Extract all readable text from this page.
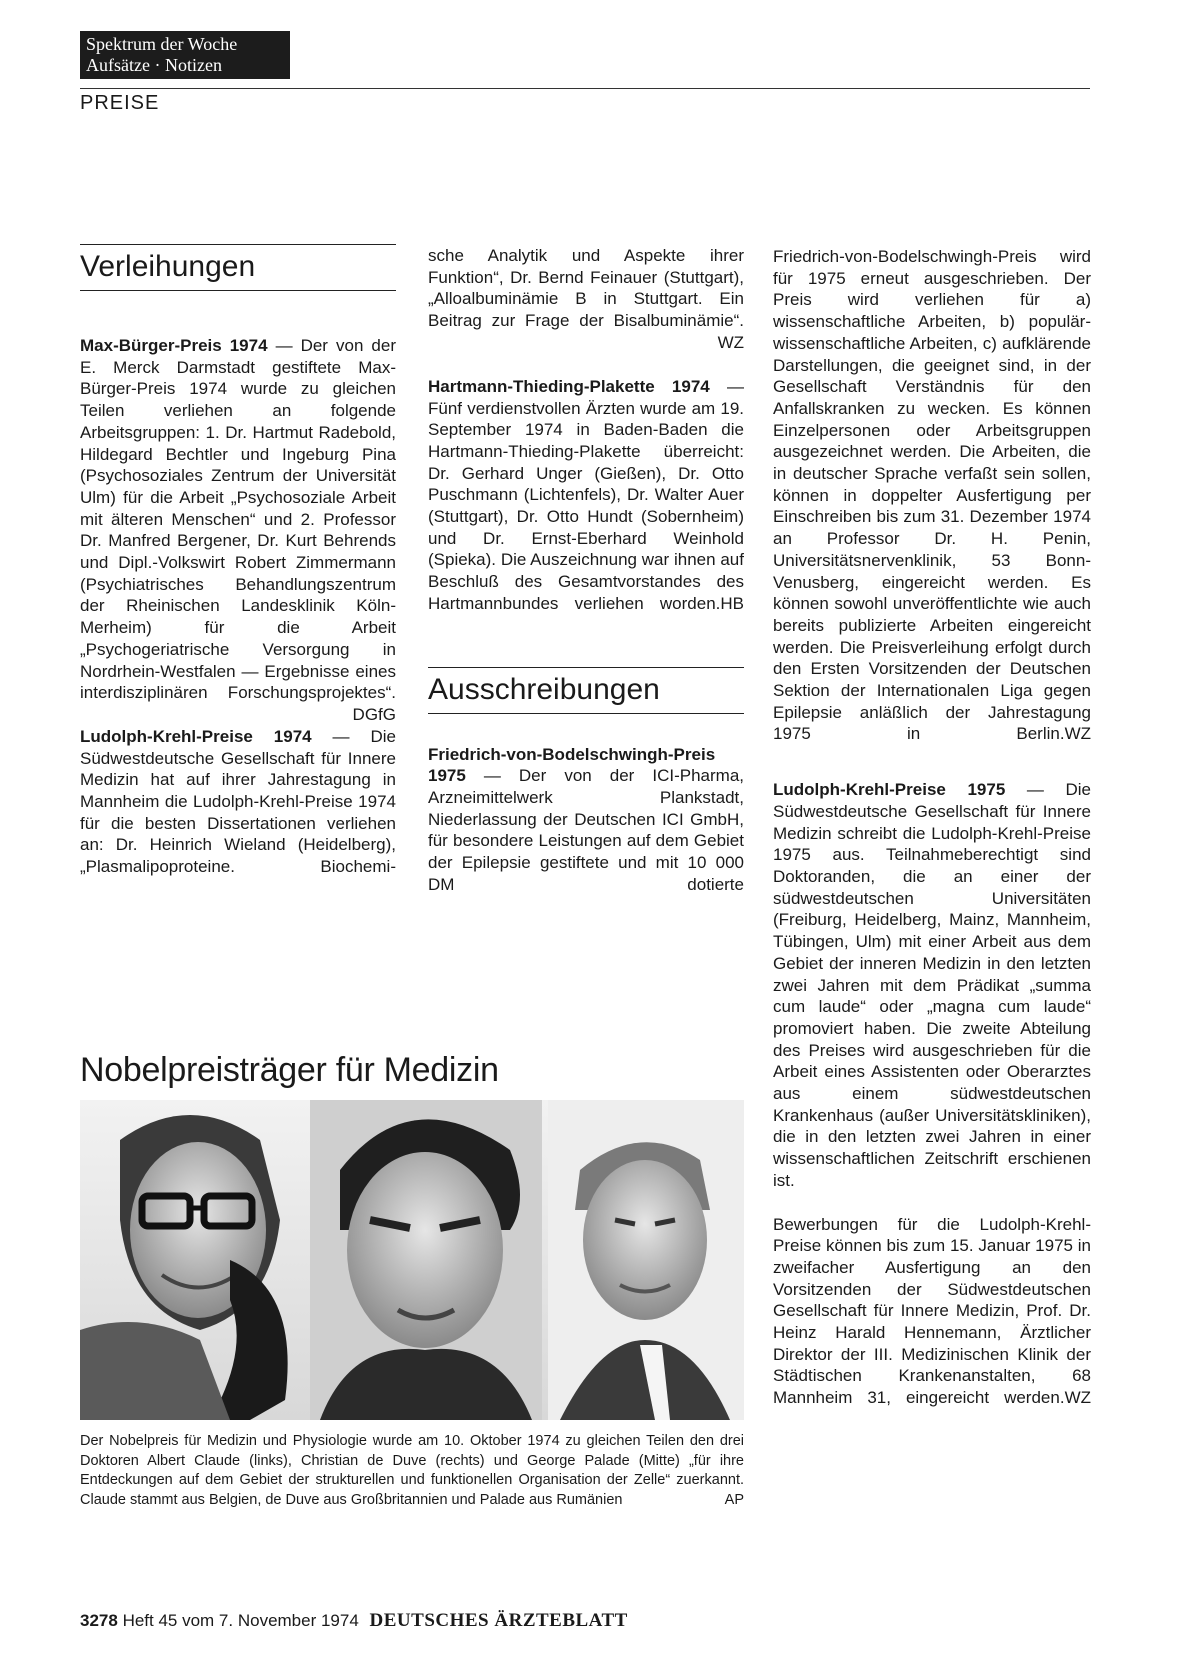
Spektrum der Woche
Aufsätze · Notizen
PREISE
Verleihungen

Max-Bürger-Preis 1974 — Der von der E. Merck Darmstadt gestiftete Max-Bürger-Preis 1974 wurde zu gleichen Teilen verliehen an folgende Arbeitsgruppen: 1. Dr. Hartmut Radebold, Hildegard Bechtler und Ingeburg Pina (Psychosoziales Zentrum der Universität Ulm) für die Arbeit „Psychosoziale Arbeit mit älteren Menschen“ und 2. Professor Dr. Manfred Bergener, Dr. Kurt Behrends und Dipl.-Volkswirt Robert Zimmermann (Psychiatrisches Behandlungszentrum der Rheinischen Landesklinik Köln-Merheim) für die Arbeit „Psychogeriatrische Versorgung in Nordrhein-Westfalen — Ergebnisse eines interdisziplinären Forschungsprojektes“.
DGfG

Ludolph-Krehl-Preise 1974 — Die Südwestdeutsche Gesellschaft für Innere Medizin hat auf ihrer Jahrestagung in Mannheim die Ludolph-Krehl-Preise 1974 für die besten Dissertationen verliehen an: Dr. Heinrich Wieland (Heidelberg), „Plasmalipoproteine. Biochemi-

sche Analytik und Aspekte ihrer Funktion“, Dr. Bernd Feinauer (Stuttgart), „Alloalbuminämie B in Stuttgart. Ein Beitrag zur Frage der Bisalbuminämie“.
WZ

Hartmann-Thieding-Plakette 1974 — Fünf verdienstvollen Ärzten wurde am 19. September 1974 in Baden-Baden die Hartmann-Thieding-Plakette überreicht: Dr. Gerhard Unger (Gießen), Dr. Otto Puschmann (Lichtenfels), Dr. Walter Auer (Stuttgart), Dr. Otto Hundt (Sobernheim) und Dr. Ernst-Eberhard Weinhold (Spieka). Die Auszeichnung war ihnen auf Beschluß des Gesamtvorstandes des Hartmannbundes verliehen worden. HB

Ausschreibungen

Friedrich-von-Bodelschwingh-Preis 1975 — Der von der ICI-Pharma, Arzneimittelwerk Plankstadt, Niederlassung der Deutschen ICI GmbH, für besondere Leistungen auf dem Gebiet der Epilepsie gestiftete und mit 10 000 DM dotierte

Friedrich-von-Bodelschwingh-Preis wird für 1975 erneut ausgeschrieben. Der Preis wird verliehen für a) wissenschaftliche Arbeiten, b) populär-wissenschaftliche Arbeiten, c) aufklärende Darstellungen, die geeignet sind, in der Gesellschaft Verständnis für den Anfallskranken zu wecken. Es können Einzelpersonen oder Arbeitsgruppen ausgezeichnet werden. Die Arbeiten, die in deutscher Sprache verfaßt sein sollen, können in doppelter Ausfertigung per Einschreiben bis zum 31. Dezember 1974 an Professor Dr. H. Penin, Universitätsnervenklinik, 53 Bonn-Venusberg, eingereicht werden. Es können sowohl unveröffentlichte wie auch bereits publizierte Arbeiten eingereicht werden. Die Preisverleihung erfolgt durch den Ersten Vorsitzenden der Deutschen Sektion der Internationalen Liga gegen Epilepsie anläßlich der Jahrestagung 1975 in Berlin. WZ

Ludolph-Krehl-Preise 1975 — Die Südwestdeutsche Gesellschaft für Innere Medizin schreibt die Ludolph-Krehl-Preise 1975 aus. Teilnahmeberechtigt sind Doktoranden, die an einer der südwestdeutschen Universitäten (Freiburg, Heidelberg, Mainz, Mannheim, Tübingen, Ulm) mit einer Arbeit aus dem Gebiet der inneren Medizin in den letzten zwei Jahren mit dem Prädikat „summa cum laude“ oder „magna cum laude“ promoviert haben. Die zweite Abteilung des Preises wird ausgeschrieben für die Arbeit eines Assistenten oder Oberarztes aus einem südwestdeutschen Krankenhaus (außer Universitätskliniken), die in den letzten zwei Jahren in einer wissenschaftlichen Zeitschrift erschienen ist.

Bewerbungen für die Ludolph-Krehl-Preise können bis zum 15. Januar 1975 in zweifacher Ausfertigung an den Vorsitzenden der Südwestdeutschen Gesellschaft für Innere Medizin, Prof. Dr. Heinz Harald Hennemann, Ärztlicher Direktor der III. Medizinischen Klinik der Städtischen Krankenanstalten, 68 Mannheim 31, eingereicht werden. WZ

Nobelpreisträger für Medizin

Der Nobelpreis für Medizin und Physiologie wurde am 10. Oktober 1974 zu gleichen Teilen den drei Doktoren Albert Claude (links), Christian de Duve (rechts) und George Palade (Mitte) „für ihre Entdeckungen auf dem Gebiet der strukturellen und funktionellen Organisation der Zelle“ zuerkannt. Claude stammt aus Belgien, de Duve aus Großbritannien und Palade aus Rumänien	AP

3278 Heft 45 vom 7. November 1974 DEUTSCHES ÄRZTEBLATT
